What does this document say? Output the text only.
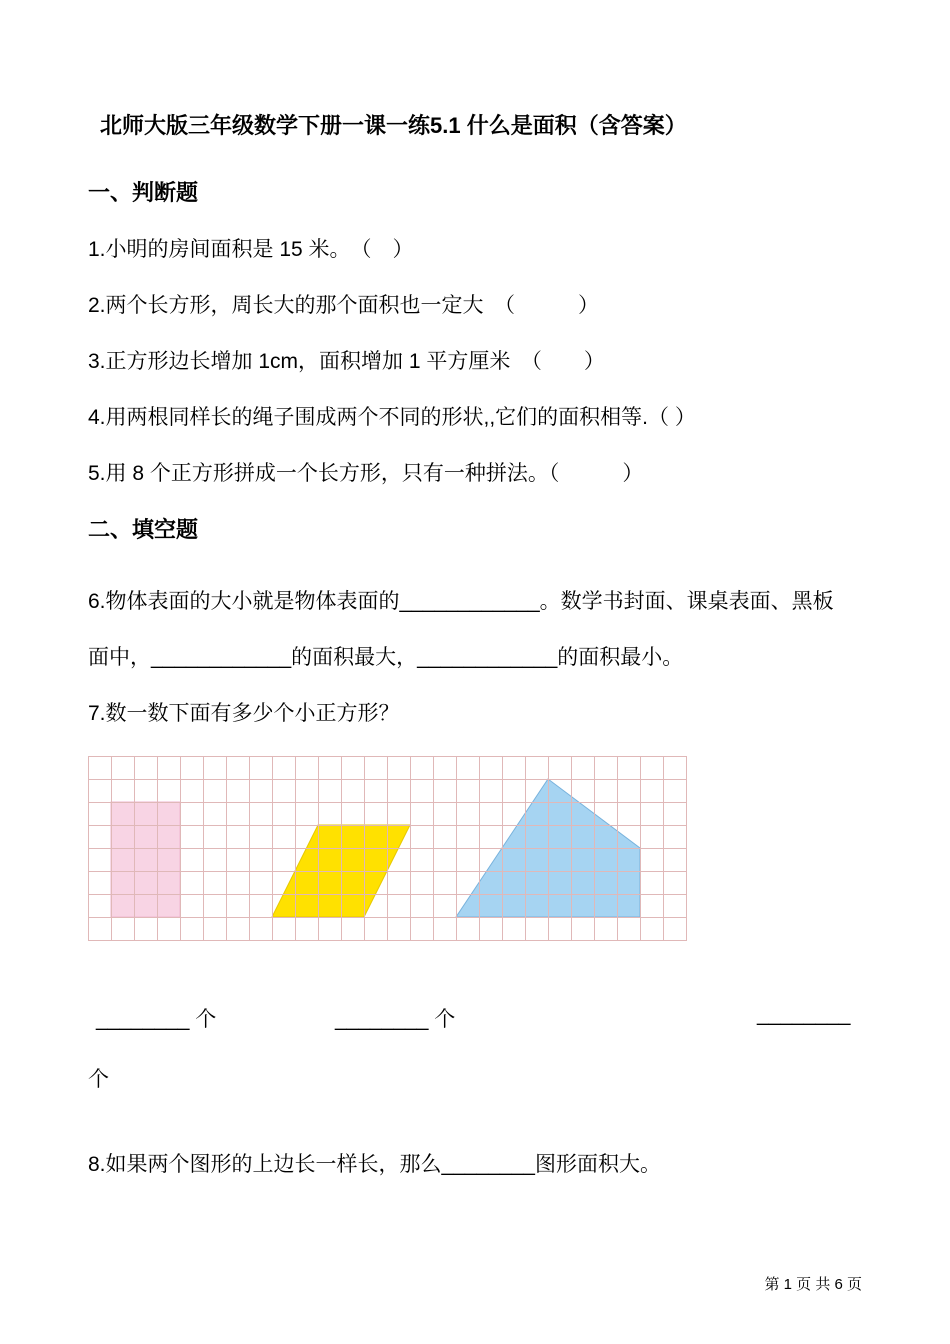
北师大版三年级数学下册一课一练5.1 什么是面积（含答案）
一、判断题

1.小明的房间面积是 15 米。　（　）

2.两个长方形，周长大的那个面积也一定大　（　　　）

3.正方形边长增加 1cm，面积增加 1 平方厘米　（　　）

4.用两根同样长的绳子围成两个不同的形状,,它们的面积相等.（ ）

5.用 8 个正方形拼成一个长方形，只有一种拼法。（　　　）

二、填空题

6.物体表面的大小就是物体表面的____________。数学书封面、课桌表面、黑板

面中，____________的面积最大，____________的面积最小。

7.数一数下面有多少个小正方形？

________ 个	________ 个	________

个

8.如果两个图形的上边长一样长，那么________图形面积大。

第 1 页 共 6 页
